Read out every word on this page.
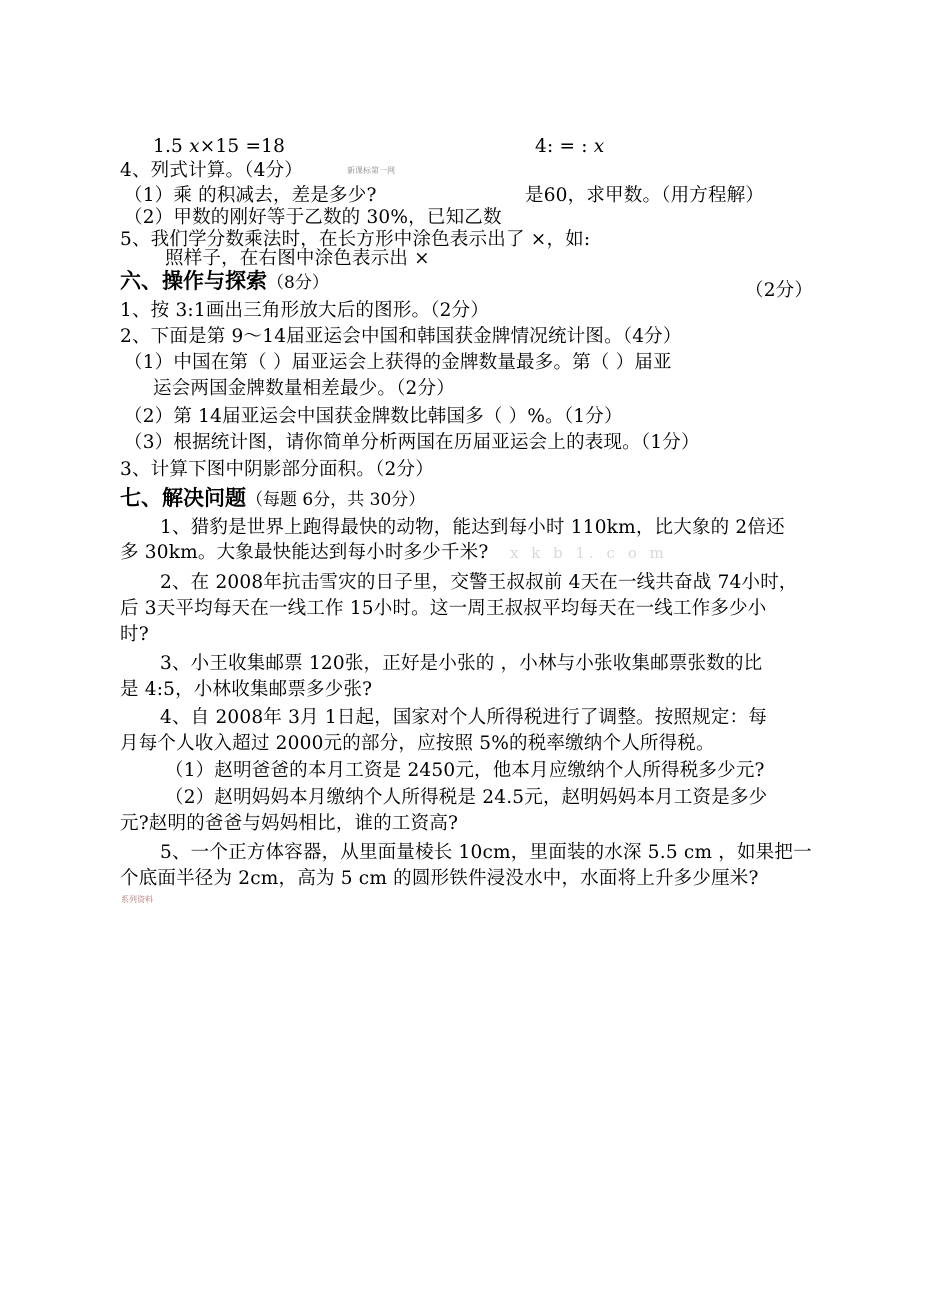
1.5 x×15 =18	4: = : x
4、列式计算。（4分）	新课标第一网
（1）乘 的积减去，差是多少?	是60，求甲数。（用方程解）
（2）甲数的刚好等于乙数的 30%，已知乙数
5、我们学分数乘法时，在长方形中涂色表示出了 ×，如:
照样子，在右图中涂色表示出 ×
六、操作与探索（8分）	（2分）
1、按 3:1画出三角形放大后的图形。（2分）
2、下面是第 9～14届亚运会中国和韩国获金牌情况统计图。（4分）
（1）中国在第（ ）届亚运会上获得的金牌数量最多。第（ ）届亚
运会两国金牌数量相差最少。（2分）
（2）第 14届亚运会中国获金牌数比韩国多（ ）%。（1分）
（3）根据统计图，请你简单分析两国在历届亚运会上的表现。（1分）
3、计算下图中阴影部分面积。（2分）
七、解决问题（每题 6分，共 30分）
1、猎豹是世界上跑得最快的动物，能达到每小时 110km，比大象的 2倍还
多 30km。大象最快能达到每小时多少千米? x k b 1. c o m
2、在 2008年抗击雪灾的日子里，交警王叔叔前 4天在一线共奋战 74小时，
后 3天平均每天在一线工作 15小时。这一周王叔叔平均每天在一线工作多少小
时?
3、小王收集邮票 120张，正好是小张的 ，小林与小张收集邮票张数的比
是 4:5，小林收集邮票多少张?
4、自 2008年 3月 1日起，国家对个人所得税进行了调整。按照规定：每
月每个人收入超过 2000元的部分，应按照 5%的税率缴纳个人所得税。
（1）赵明爸爸的本月工资是 2450元，他本月应缴纳个人所得税多少元?
（2）赵明妈妈本月缴纳个人所得税是 24.5元，赵明妈妈本月工资是多少
元?赵明的爸爸与妈妈相比，谁的工资高?
5、一个正方体容器，从里面量棱长 10cm，里面装的水深 5.5 cm ，如果把一
个底面半径为 2cm，高为 5 cm 的圆形铁件浸没水中，水面将上升多少厘米?
系列资料
